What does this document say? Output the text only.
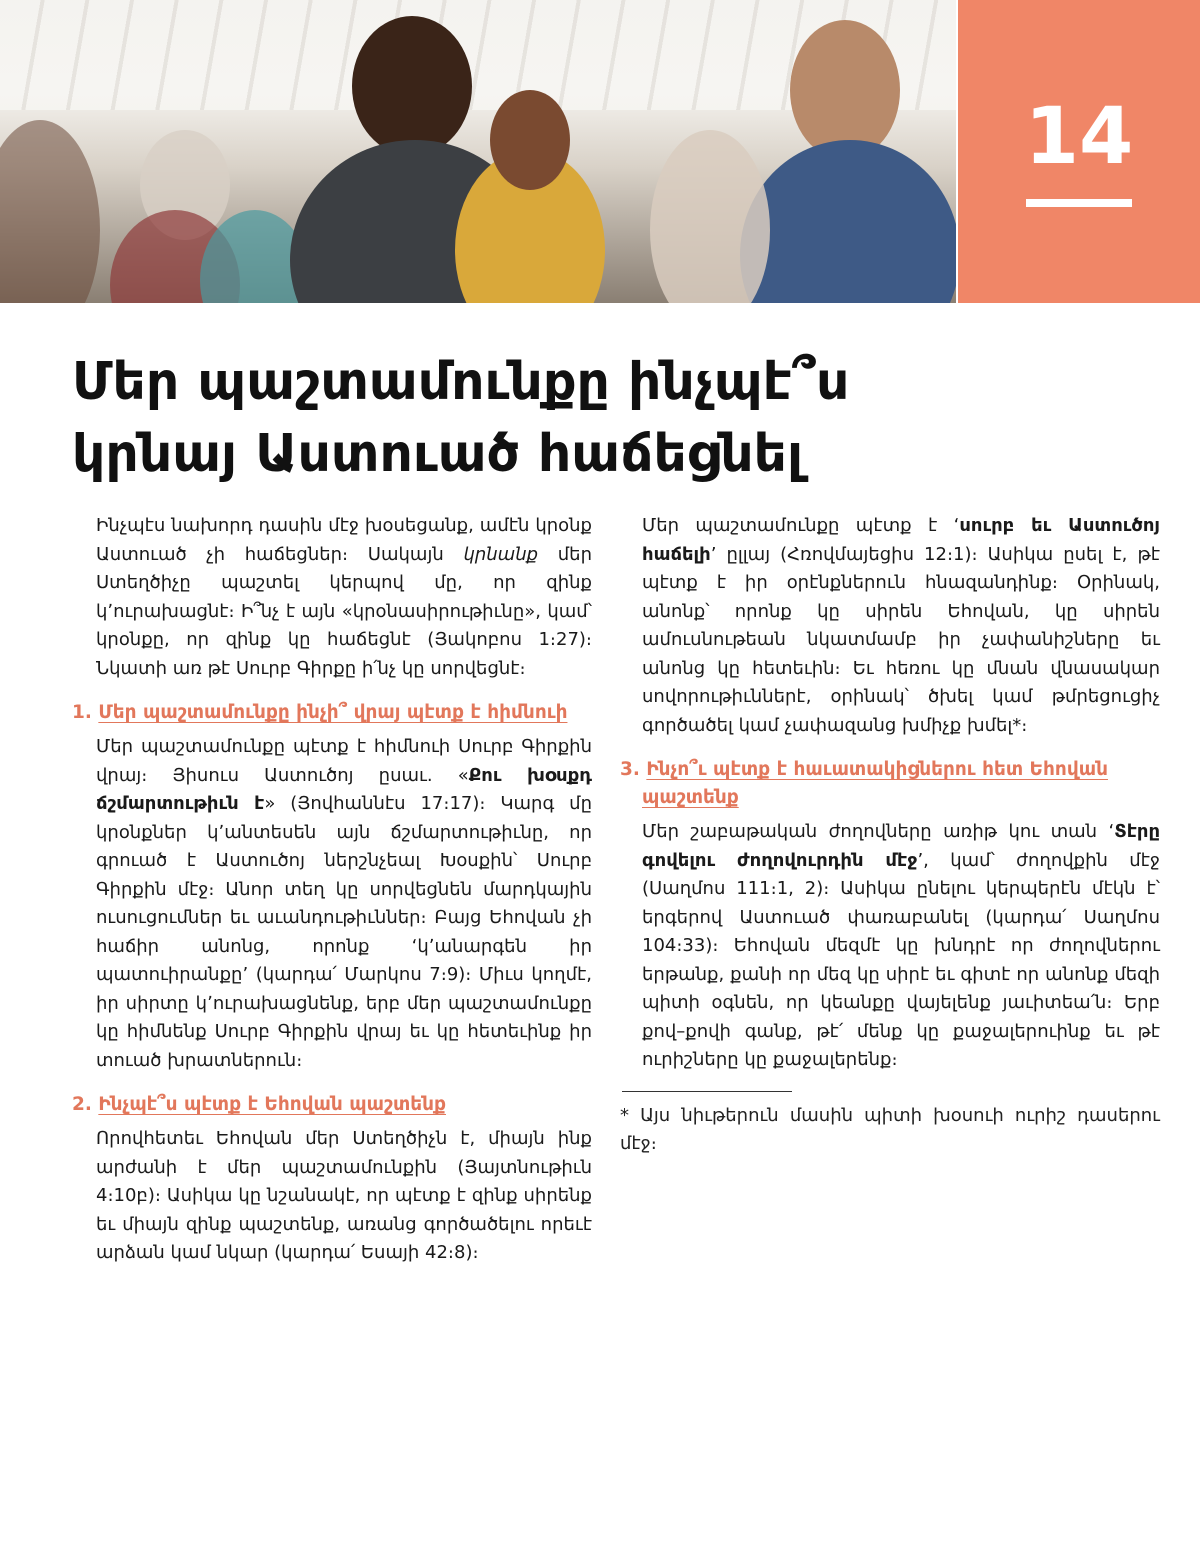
14
Մեր պաշտամունքը ինչպէ՞ս
կրնայ Աստուած հաճեցնել

Ինչպէս նախորդ դասին մէջ խօսեցանք, ամէն կրօնք Աստուած չի հաճեցներ։ Սակայն կրնանք մեր Ստեղծիչը պաշտել կերպով մը, որ զինք կ՚ուրախացնէ։ Ի՞նչ է այն «կրօնասիրութիւնը», կամ՝ կրօնքը, որ զինք կը հաճեցնէ (Յակոբոս 1։27)։ Նկատի առ թէ Սուրբ Գիրքը ի՛նչ կը սորվեցնէ։

1. Մեր պաշտամունքը ինչի՞ վրայ պէտք է հիմնուի

Մեր պաշտամունքը պէտք է հիմնուի Սուրբ Գիրքին վրայ։ Յիսուս Աստուծոյ ըսաւ. «Քու խօսքդ ճշմարտութիւն է» (Յովհաննէս 17։17)։ Կարգ մը կրօնքներ կ՚անտեսեն այն ճշմարտութիւնը, որ գրուած է Աստուծոյ ներշնչեալ Խօսքին՝ Սուրբ Գիրքին մէջ։ Անոր տեղ կը սորվեցնեն մարդկային ուսուցումներ եւ աւանդութիւններ։ Բայց Եհովան չի հաճիր անոնց, որոնք ‘կ՚անարգեն իր պատուիրանքը’ (կարդա՛ Մարկոս 7։9)։ Միւս կողմէ, իր սիրտը կ՚ուրախացնենք, երբ մեր պաշտամունքը կը հիմնենք Սուրբ Գիրքին վրայ եւ կը հետեւինք իր տուած խրատներուն։

2. Ինչպէ՞ս պէտք է Եհովան պաշտենք

Որովհետեւ Եհովան մեր Ստեղծիչն է, միայն ինք արժանի է մեր պաշտամունքին (Յայտնութիւն 4։10բ)։ Ասիկա կը նշանակէ, որ պէտք է զինք սիրենք եւ միայն զինք պաշտենք, առանց գործածելու որեւէ արձան կամ նկար (կարդա՛ Եսայի 42։8)։

Մեր պաշտամունքը պէտք է ‘սուրբ եւ Աստուծոյ հաճելի’ ըլլայ (Հռովմայեցիս 12։1)։ Ասիկա ըսել է, թէ պէտք է իր օրէնքներուն հնազանդինք։ Օրինակ, անոնք՝ որոնք կը սիրեն Եհովան, կը սիրեն ամուսնութեան նկատմամբ իր չափանիշները եւ անոնց կը հետեւին։ Եւ հեռու կը մնան վնասակար սովորութիւններէ, օրինակ՝ ծխել կամ թմրեցուցիչ գործածել կամ չափազանց խմիչք խմել*։

3. Ինչո՞ւ պէտք է հաւատակիցներու հետ Եհովան պաշտենք

Մեր շաբաթական ժողովները առիթ կու տան ‘Տէրը գովելու ժողովուրդին մէջ’, կամ՝ ժողովքին մէջ (Սաղմոս 111։1, 2)։ Ասիկա ընելու կերպերէն մէկն է՝ երգերով Աստուած փառաբանել (կարդա՛ Սաղմոս 104։33)։ Եհովան մեզմէ կը խնդրէ որ ժողովներու երթանք, քանի որ մեզ կը սիրէ եւ գիտէ որ անոնք մեզի պիտի օգնեն, որ կեանքը վայելենք յաւիտեա՛ն։ Երբ քով–քովի գանք, թէ՛ մենք կը քաջալերուինք եւ թէ ուրիշները կը քաջալերենք։

* Այս նիւթերուն մասին պիտի խօսուի ուրիշ դասերու մէջ։
